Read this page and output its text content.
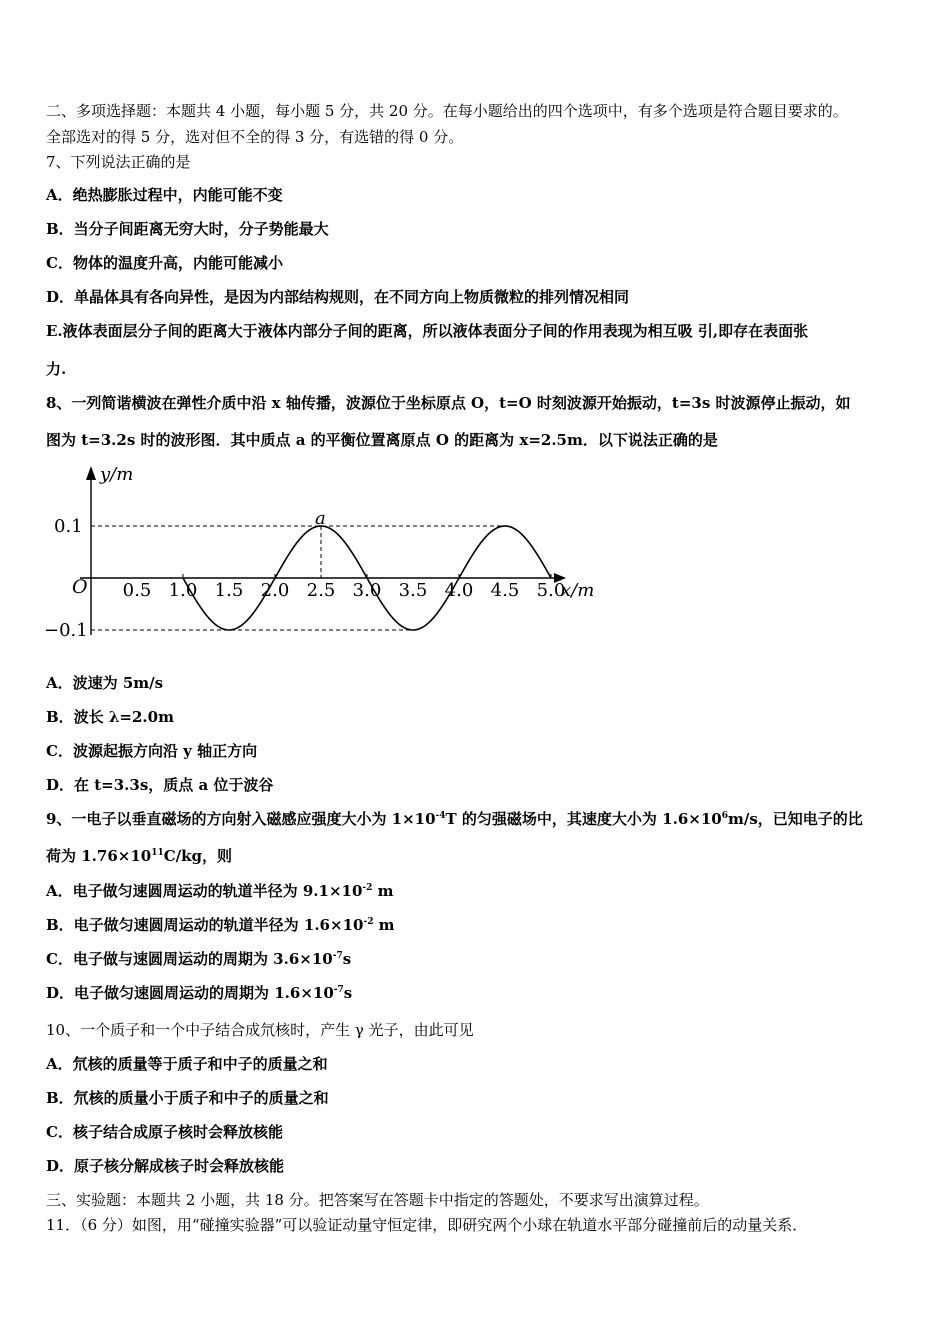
二、多项选择题：本题共 4 小题，每小题 5 分，共 20 分。在每小题给出的四个选项中，有多个选项是符合题目要求的。
全部选对的得 5 分，选对但不全的得 3 分，有选错的得 0 分。
7、下列说法正确的是
A．绝热膨胀过程中，内能可能不变
B．当分子间距离无穷大时，分子势能最大
C．物体的温度升高，内能可能减小
D．单晶体具有各向异性，是因为内部结构规则，在不同方向上物质微粒的排列情况相同
E.液体表面层分子间的距离大于液体内部分子间的距离，所以液体表面分子间的作用表现为相互吸 引,即存在表面张
力.
8、一列简谐横波在弹性介质中沿 x 轴传播，波源位于坐标原点 O，t=O 时刻波源开始振动，t=3s 时波源停止振动，如
图为 t=3.2s 时的波形图．其中质点 a 的平衡位置离原点 O 的距离为 x=2.5m．以下说法正确的是
y/m
x/m
O
a
0.1
−0.1
0.5 1.0 1.5 2.0 2.5 3.0 3.5 4.0 4.5 5.0
A．波速为 5m/s
B．波长 λ=2.0m
C．波源起振方向沿 y 轴正方向
D．在 t=3.3s，质点 a 位于波谷
9、一电子以垂直磁场的方向射入磁感应强度大小为 $1\times 10^{-4}T$ 的匀强磁场中，其速度大小为 $1.6\times 10^6m/s$，已知电子的比
荷为 $1.76\times 10^{11}C/kg$，则
A．电子做匀速圆周运动的轨道半径为 $9.1\times 10^{-2}$ m
B．电子做匀速圆周运动的轨道半径为 $1.6\times 10^{-2}$ m
C．电子做与速圆周运动的周期为 $3.6\times 10^{-7}s$
D．电子做匀速圆周运动的周期为 $1.6\times 10^{-7}s$
10、一个质子和一个中子结合成氘核时，产生 γ 光子，由此可见
A．氘核的质量等于质子和中子的质量之和
B．氘核的质量小于质子和中子的质量之和
C．核子结合成原子核时会释放核能
D．原子核分解成核子时会释放核能
三、实验题：本题共 2 小题，共 18 分。把答案写在答题卡中指定的答题处，不要求写出演算过程。
11．（6 分）如图，用“碰撞实验器”可以验证动量守恒定律，即研究两个小球在轨道水平部分碰撞前后的动量关系．
